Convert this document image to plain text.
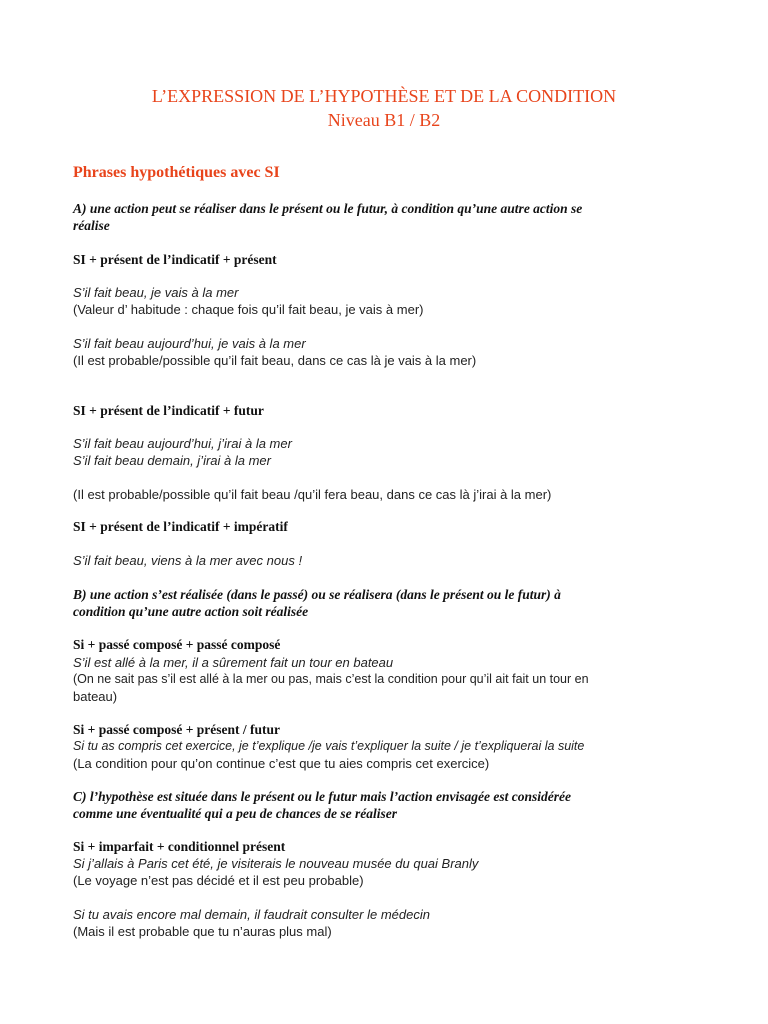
L’EXPRESSION DE L’HYPOTHÈSE ET DE LA CONDITION
Niveau B1 / B2
Phrases hypothétiques avec SI
A) une action peut se réaliser dans le présent ou le futur, à condition qu’une autre action se
réalise
SI + présent de l’indicatif + présent
S’il fait beau, je vais à la mer
(Valeur d’ habitude : chaque fois qu’il fait beau, je vais à mer)
S’il fait beau aujourd’hui, je vais à la mer
(Il est probable/possible qu’il fait beau, dans ce cas là je vais à la mer)
SI + présent de l’indicatif + futur
S’il fait beau aujourd’hui, j’irai à la mer
S’il fait beau demain, j’irai à la mer
(Il est probable/possible qu’il fait beau /qu’il fera beau, dans ce cas là j’irai à la mer)
SI + présent de l’indicatif + impératif
S’il fait beau, viens à la mer avec nous !
B) une action s’est réalisée (dans le passé) ou se réalisera (dans le présent ou le futur) à
condition qu’une autre action soit réalisée
Si + passé composé + passé composé
S’il est allé à la mer, il a sûrement fait un tour en bateau
(On ne sait pas s’il est allé à la mer ou pas, mais c’est la condition pour qu’il ait fait un tour en
bateau)
Si + passé composé + présent / futur
Si tu as compris cet exercice, je t’explique /je vais t’expliquer la suite / je t’expliquerai la suite
(La condition pour qu’on continue c’est que tu aies compris cet exercice)
C) l’hypothèse est située dans le présent ou le futur mais l’action envisagée est considérée
comme une éventualité qui a peu de chances de se réaliser
Si + imparfait + conditionnel présent
Si j’allais à Paris cet été, je visiterais le nouveau musée du quai Branly
(Le voyage n’est pas décidé et il est peu probable)
Si tu avais encore mal demain, il faudrait consulter le médecin
(Mais il est probable que tu n’auras plus mal)
